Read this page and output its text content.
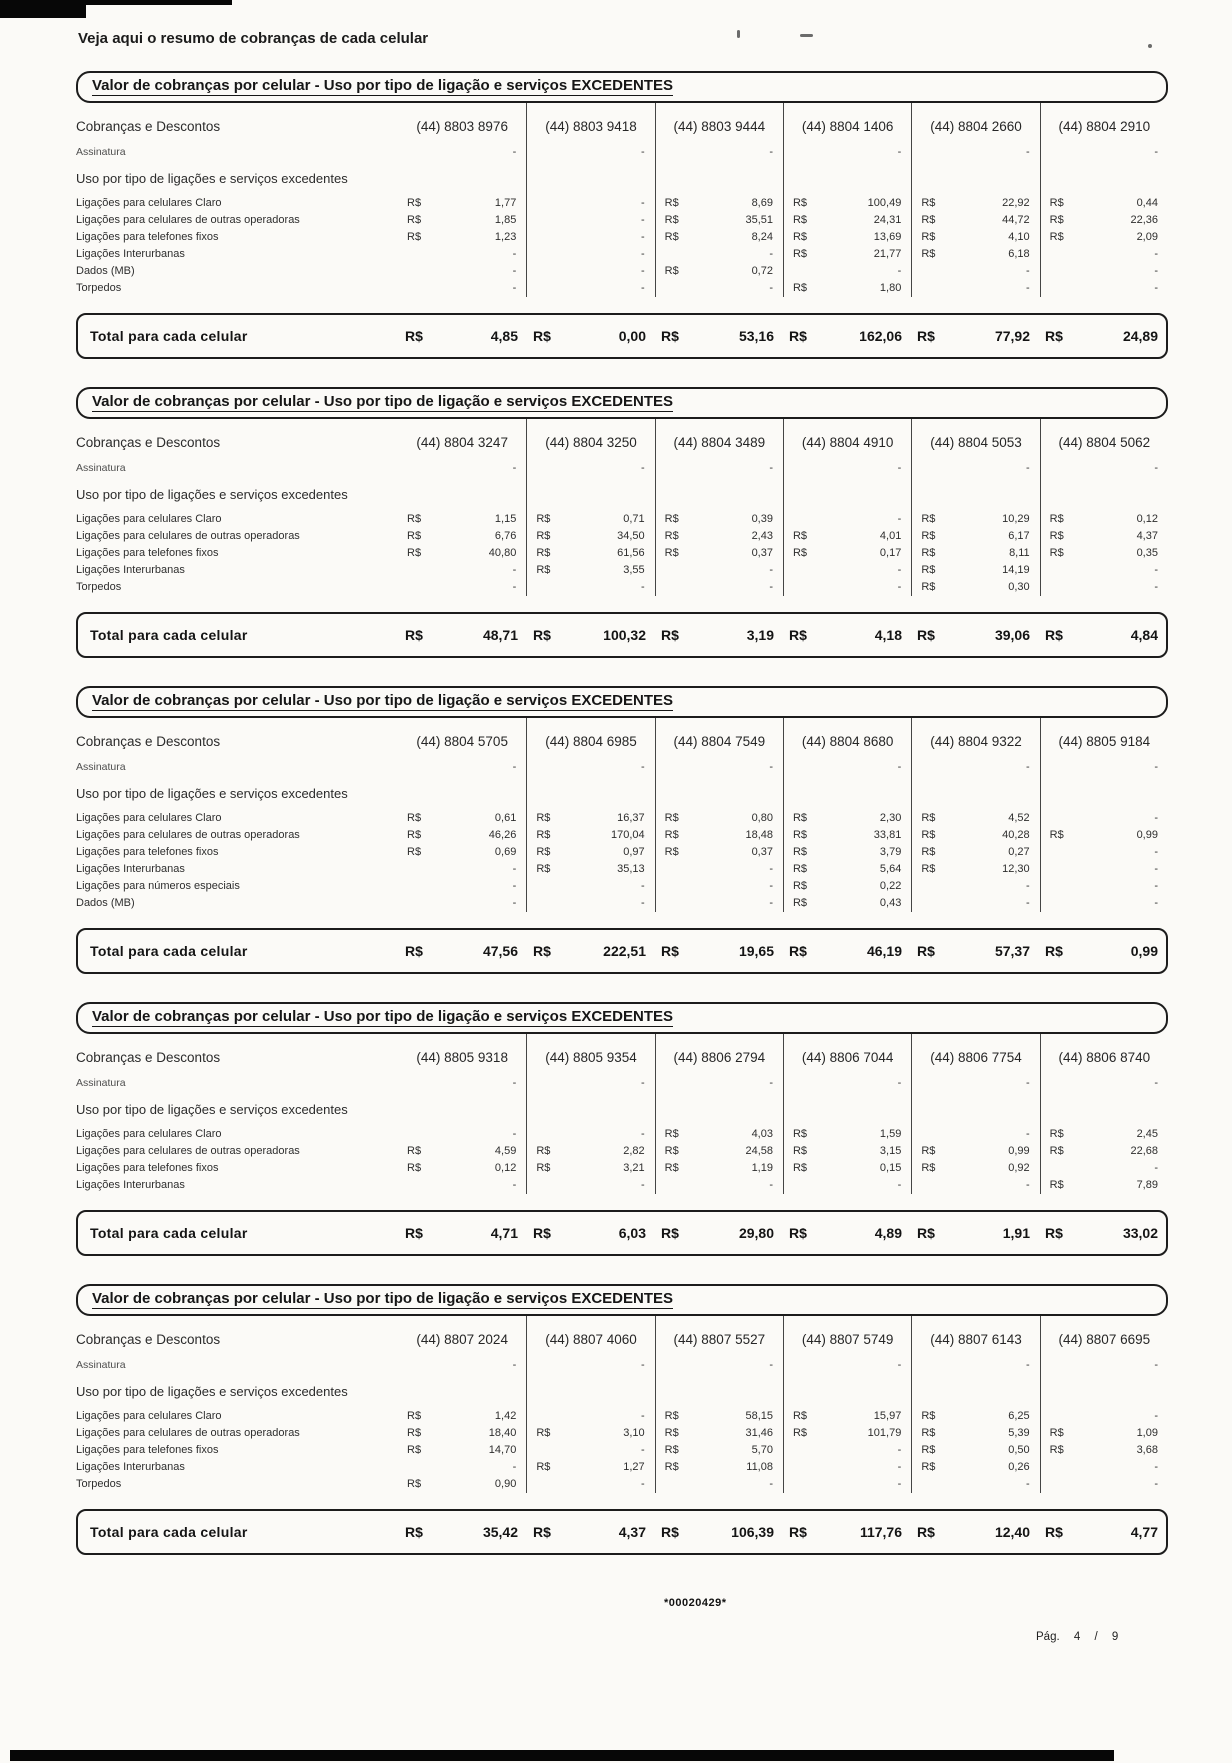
Veja aqui o resumo de cobranças de cada celular
Valor de cobranças por celular - Uso por tipo de ligação e serviços EXCEDENTES
Cobranças e Descontos	(44) 8803 8976	(44) 8803 9418	(44) 8803 9444	(44) 8804 1406	(44) 8804 2660	(44) 8804 2910
Assinatura	-	-	-	-	-	-
Uso por tipo de ligações e serviços excedentes
Ligações para celulares Claro	R$	1,77	- R$	8,69 R$	100,49 R$	22,92 R$	0,44
Ligações para celulares de outras operadoras	R$	1,85	- R$	35,51 R$	24,31 R$	44,72 R$	22,36
Ligações para telefones fixos	R$	1,23	- R$	8,24 R$	13,69 R$	4,10 R$	2,09
Ligações Interurbanas	-	-	- R$	21,77 R$	6,18	-
Dados (MB)	-	- R$	0,72	-	-	-
Torpedos	-	-	- R$	1,80	-	-
Total para cada celular	R$	4,85 R$	0,00 R$	53,16 R$	162,06 R$	77,92 R$	24,89
Valor de cobranças por celular - Uso por tipo de ligação e serviços EXCEDENTES
Cobranças e Descontos	(44) 8804 3247	(44) 8804 3250	(44) 8804 3489	(44) 8804 4910	(44) 8804 5053	(44) 8804 5062
Assinatura	-	-	-	-	-	-
Uso por tipo de ligações e serviços excedentes
Ligações para celulares Claro	R$	1,15 R$	0,71 R$	0,39	- R$	10,29 R$	0,12
Ligações para celulares de outras operadoras	R$	6,76 R$	34,50 R$	2,43 R$	4,01 R$	6,17 R$	4,37
Ligações para telefones fixos	R$	40,80 R$	61,56 R$	0,37 R$	0,17 R$	8,11 R$	0,35
Ligações Interurbanas	- R$	3,55	-	- R$	14,19	-
Torpedos	-	-	-	- R$	0,30	-
Total para cada celular	R$	48,71 R$	100,32 R$	3,19 R$	4,18 R$	39,06 R$	4,84
Valor de cobranças por celular - Uso por tipo de ligação e serviços EXCEDENTES
Cobranças e Descontos	(44) 8804 5705	(44) 8804 6985	(44) 8804 7549	(44) 8804 8680	(44) 8804 9322	(44) 8805 9184
Assinatura	-	-	-	-	-	-
Uso por tipo de ligações e serviços excedentes
Ligações para celulares Claro	R$	0,61 R$	16,37 R$	0,80 R$	2,30 R$	4,52	-
Ligações para celulares de outras operadoras	R$	46,26 R$	170,04 R$	18,48 R$	33,81 R$	40,28 R$	0,99
Ligações para telefones fixos	R$	0,69 R$	0,97 R$	0,37 R$	3,79 R$	0,27	-
Ligações Interurbanas	- R$	35,13	- R$	5,64 R$	12,30	-
Ligações para números especiais	-	-	- R$	0,22	-	-
Dados (MB)	-	-	- R$	0,43	-	-
Total para cada celular	R$	47,56 R$	222,51 R$	19,65 R$	46,19 R$	57,37 R$	0,99
Valor de cobranças por celular - Uso por tipo de ligação e serviços EXCEDENTES
Cobranças e Descontos	(44) 8805 9318	(44) 8805 9354	(44) 8806 2794	(44) 8806 7044	(44) 8806 7754	(44) 8806 8740
Assinatura	-	-	-	-	-	-
Uso por tipo de ligações e serviços excedentes
Ligações para celulares Claro	-	- R$	4,03 R$	1,59	- R$	2,45
Ligações para celulares de outras operadoras	R$	4,59 R$	2,82 R$	24,58 R$	3,15 R$	0,99 R$	22,68
Ligações para telefones fixos	R$	0,12 R$	3,21 R$	1,19 R$	0,15 R$	0,92	-
Ligações Interurbanas	-	-	-	-	- R$	7,89
Total para cada celular	R$	4,71 R$	6,03 R$	29,80 R$	4,89 R$	1,91 R$	33,02
Valor de cobranças por celular - Uso por tipo de ligação e serviços EXCEDENTES
Cobranças e Descontos	(44) 8807 2024	(44) 8807 4060	(44) 8807 5527	(44) 8807 5749	(44) 8807 6143	(44) 8807 6695
Assinatura	-	-	-	-	-	-
Uso por tipo de ligações e serviços excedentes
Ligações para celulares Claro	R$	1,42	- R$	58,15 R$	15,97 R$	6,25	-
Ligações para celulares de outras operadoras	R$	18,40 R$	3,10 R$	31,46 R$	101,79 R$	5,39 R$	1,09
Ligações para telefones fixos	R$	14,70	- R$	5,70	- R$	0,50 R$	3,68
Ligações Interurbanas	- R$	1,27 R$	11,08	- R$	0,26	-
Torpedos	R$	0,90	-	-	-	-	-
Total para cada celular	R$	35,42 R$	4,37 R$	106,39 R$	117,76 R$	12,40 R$	4,77
*00020429*
Pág. 4 / 9
